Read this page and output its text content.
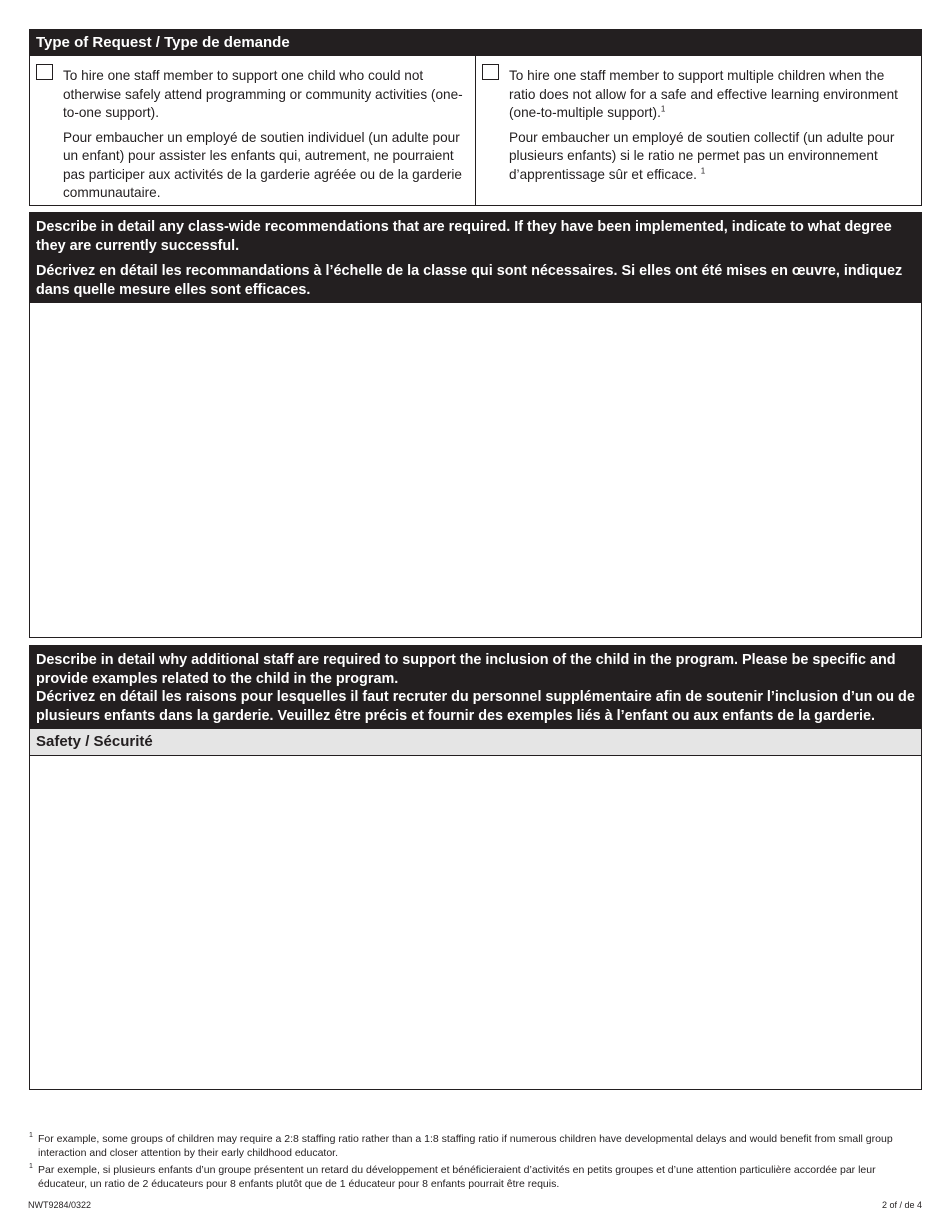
Type of Request / Type de demande

To hire one staff member to support one child who could not otherwise safely attend programming or community activities (one-to-one support).

Pour embaucher un employé de soutien individuel (un adulte pour un enfant) pour assister les enfants qui, autrement, ne pourraient pas participer aux activités de la garderie agréée ou de la garderie communautaire.

To hire one staff member to support multiple children when the ratio does not allow for a safe and effective learning environment (one-to-multiple support).$^1$

Pour embaucher un employé de soutien collectif (un adulte pour plusieurs enfants) si le ratio ne permet pas un environnement d’apprentissage sûr et efficace. $^1$

Describe in detail any class-wide recommendations that are required. If they have been implemented, indicate to what degree they are currently successful.

Décrivez en détail les recommandations à l’échelle de la classe qui sont nécessaires. Si elles ont été mises en œuvre, indiquez dans quelle mesure elles sont efficaces.

Describe in detail why additional staff are required to support the inclusion of the child in the program. Please be specific and provide examples related to the child in the program.

Décrivez en détail les raisons pour lesquelles il faut recruter du personnel supplémentaire afin de soutenir l’inclusion d’un ou de plusieurs enfants dans la garderie. Veuillez être précis et fournir des exemples liés à l’enfant ou aux enfants de la garderie.

Safety / Sécurité
1 For example, some groups of children may require a 2:8 staffing ratio rather than a 1:8 staffing ratio if numerous children have developmental delays and would benefit from small group interaction and closer attention by their early childhood educator.
1 Par exemple, si plusieurs enfants d’un groupe présentent un retard du développement et bénéficieraient d’activités en petits groupes et d’une attention particulière accordée par leur éducateur, un ratio de 2 éducateurs pour 8 enfants plutôt que de 1 éducateur pour 8 enfants pourrait être requis.
NWT9284/0322	2 of / de 4
